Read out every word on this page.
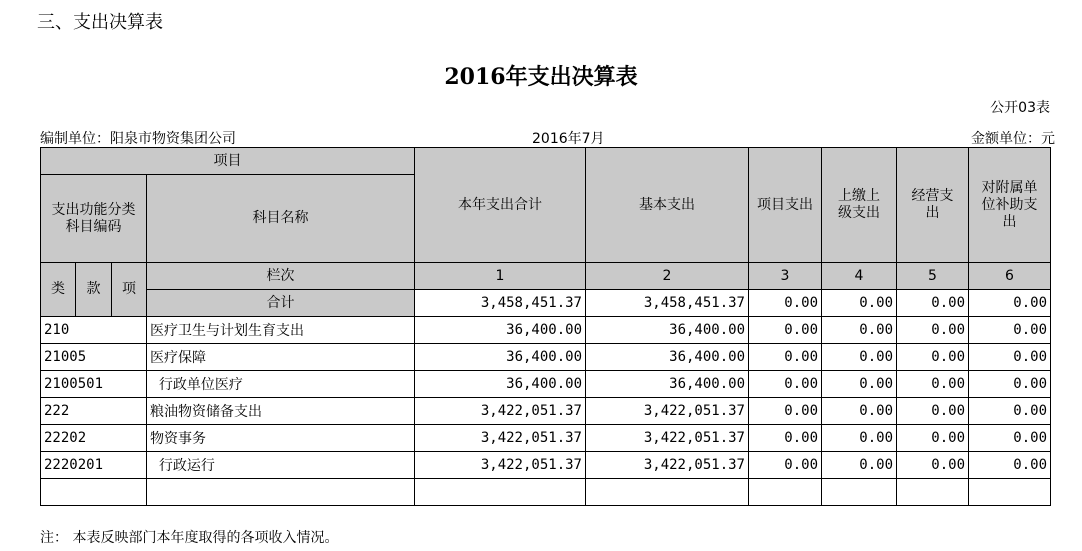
三、支出决算表
2016年支出决算表
公开03表
编制单位：阳泉市物资集团公司	2016年7月	金额单位：元
项目				本年支出合计	基本支出	项目支出	上缴上级支出	经营支出	对附属单位补助支出
支出功能分类科目编码			科目名称						
类	款	项	栏次	1	2	3	4	5	6
			合计	3,458,451.37	3,458,451.37	0.00	0.00	0.00	0.00
210			医疗卫生与计划生育支出	36,400.00	36,400.00	0.00	0.00	0.00	0.00
21005			医疗保障	36,400.00	36,400.00	0.00	0.00	0.00	0.00
2100501			行政单位医疗	36,400.00	36,400.00	0.00	0.00	0.00	0.00
222			粮油物资储备支出	3,422,051.37	3,422,051.37	0.00	0.00	0.00	0.00
22202			物资事务	3,422,051.37	3,422,051.37	0.00	0.00	0.00	0.00
2220201			行政运行	3,422,051.37	3,422,051.37	0.00	0.00	0.00	0.00

注： 本表反映部门本年度取得的各项收入情况。
